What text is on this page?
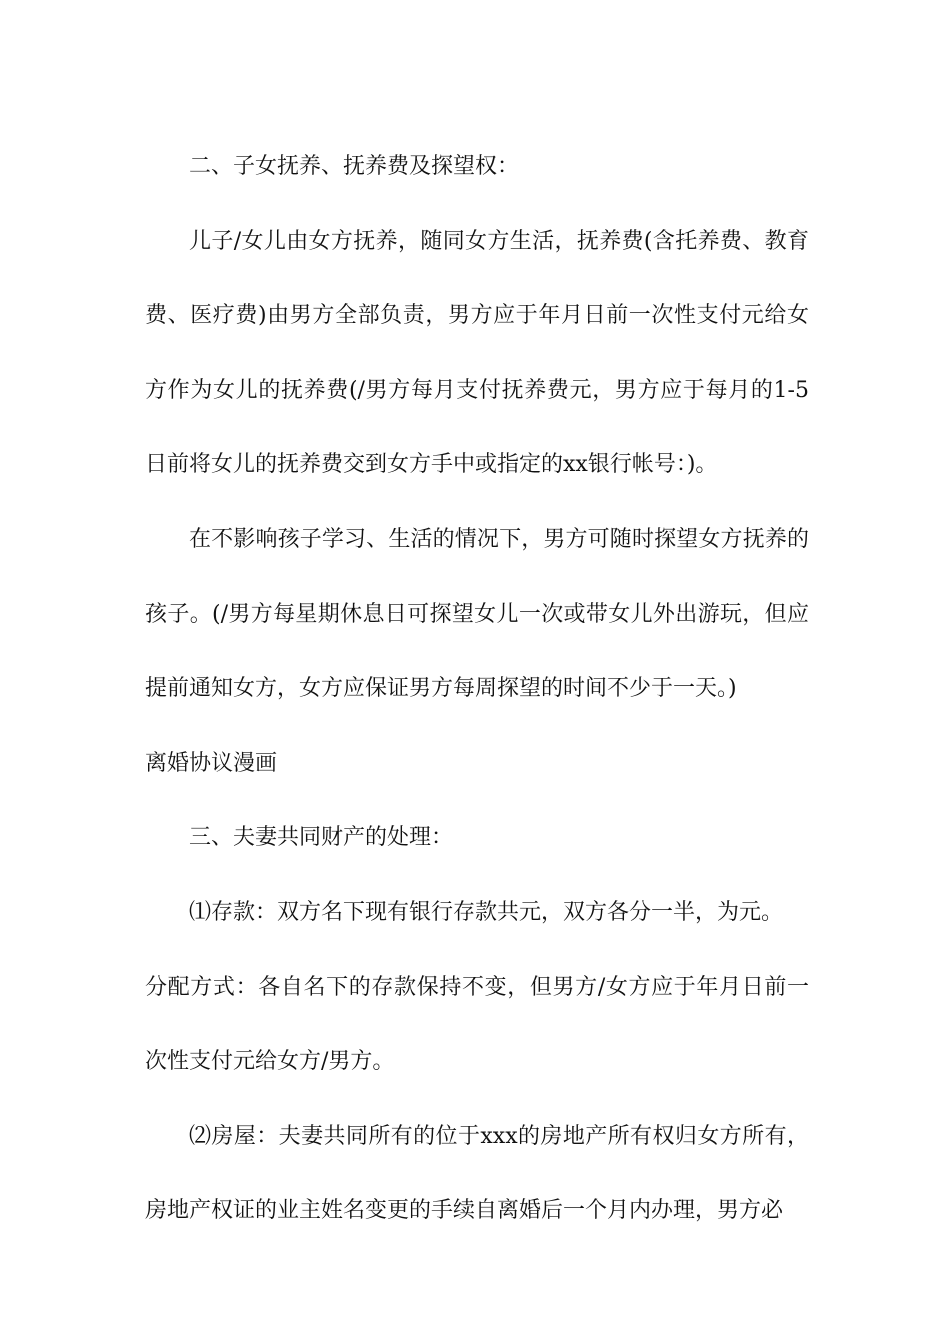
二、子女抚养、抚养费及探望权：

儿子/女儿由女方抚养，随同女方生活，抚养费(含托养费、教育费、医疗费)由男方全部负责，男方应于年月日前一次性支付元给女方作为女儿的抚养费(/男方每月支付抚养费元，男方应于每月的1-5日前将女儿的抚养费交到女方手中或指定的xx银行帐号：)。

在不影响孩子学习、生活的情况下，男方可随时探望女方抚养的孩子。(/男方每星期休息日可探望女儿一次或带女儿外出游玩，但应提前通知女方，女方应保证男方每周探望的时间不少于一天。)

离婚协议漫画

三、夫妻共同财产的处理：

⑴存款：双方名下现有银行存款共元，双方各分一半，为元。

分配方式：各自名下的存款保持不变，但男方/女方应于年月日前一次性支付元给女方/男方。

⑵房屋：夫妻共同所有的位于xxx的房地产所有权归女方所有，房地产权证的业主姓名变更的手续自离婚后一个月内办理，男方必
